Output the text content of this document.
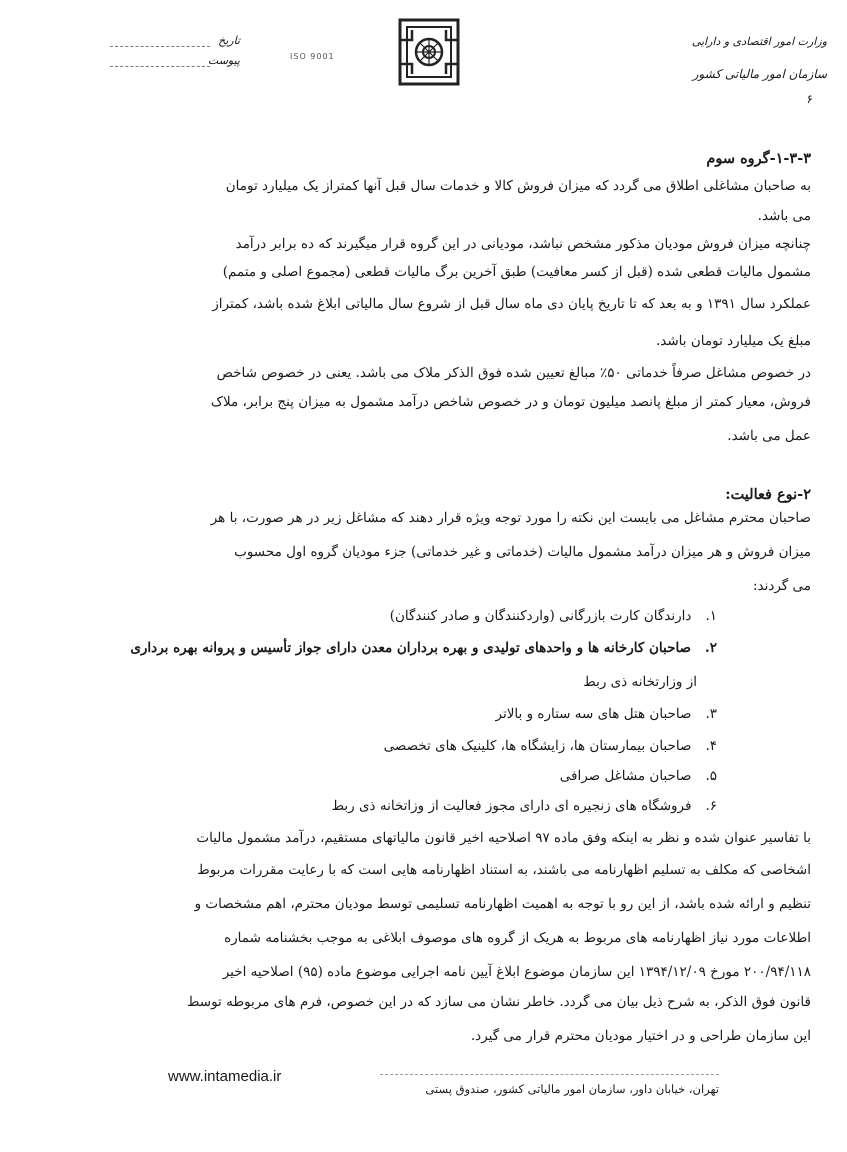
وزارت امور اقتصادی و دارایی
سازمان امور مالیاتی کشور
۶
ISO 9001
تاریخ
پیوست
۱-۳-۳-گروه سوم
به صاحبان مشاغلی اطلاق می گردد که میزان فروش کالا و خدمات سال قبل آنها کمتراز یک میلیارد تومان
می باشد.
چنانچه میزان فروش مودیان مذکور مشخص نباشد، مودیانی در این گروه قرار میگیرند که ده برابر درآمد
مشمول مالیات قطعی شده (قبل از کسر معافیت) طبق آخرین برگ مالیات قطعی (مجموع اصلی و متمم)
عملکرد سال ۱۳۹۱ و به بعد که تا تاریخ پایان دی ماه سال قبل از شروع سال مالیاتی ابلاغ شده باشد، کمتراز
مبلغ یک میلیارد تومان باشد.
در خصوص مشاغل صرفاً خدماتی ۵۰٪ مبالغ تعیین شده فوق الذکر ملاک می باشد. یعنی در خصوص شاخص
فروش، معیار کمتر از مبلغ پانصد میلیون تومان و در خصوص شاخص درآمد مشمول به میزان پنج برابر، ملاک
عمل می باشد.
۲-نوع فعالیت:
صاحبان محترم مشاغل می بایست این نکته را مورد توجه ویژه قرار دهند که مشاغل زیر در هر صورت، با هر
میزان فروش و هر میزان درآمد مشمول مالیات (خدماتی و غیر خدماتی) جزء مودیان گروه اول محسوب
می گردند:
۱.دارندگان کارت بازرگانی (واردکنندگان و صادر کنندگان)
۲.صاحبان کارخانه ها و واحدهای تولیدی و بهره برداران معدن دارای جواز تأسیس و پروانه بهره برداری
از وزارتخانه ذی ربط
۳.صاحبان هتل های سه ستاره و بالاتر
۴.صاحبان بیمارستان ها، زایشگاه ها، کلینیک های تخصصی
۵.صاحبان مشاغل صرافی
۶.فروشگاه های زنجیره ای دارای مجوز فعالیت از وزاتخانه ذی ربط
با تفاسیر عنوان شده و نظر به اینکه وفق ماده ۹۷ اصلاحیه اخیر قانون مالیاتهای مستقیم، درآمد مشمول مالیات
اشخاصی که مکلف به تسلیم اظهارنامه می باشند، به استناد اظهارنامه هایی است که با رعایت مقررات مربوط
تنظیم و ارائه شده باشد، از این رو با توجه به اهمیت اظهارنامه تسلیمی توسط مودیان محترم، اهم مشخصات و
اطلاعات مورد نیاز اظهارنامه های مربوط به هریک از گروه های موصوف ابلاغی به موجب بخشنامه شماره
۲۰۰/۹۴/۱۱۸ مورخ ۱۳۹۴/۱۲/۰۹ این سازمان موضوع ابلاغ آیین نامه اجرایی موضوع ماده (۹۵) اصلاحیه اخیر
قانون فوق الذکر، به شرح ذیل بیان می گردد. خاطر نشان می سازد که در این خصوص، فرم های مربوطه توسط
این سازمان طراحی و در اختیار مودیان محترم قرار می گیرد.
www.intamedia.ir
تهران، خیابان داور، سازمان امور مالیاتی کشور، صندوق پستی
